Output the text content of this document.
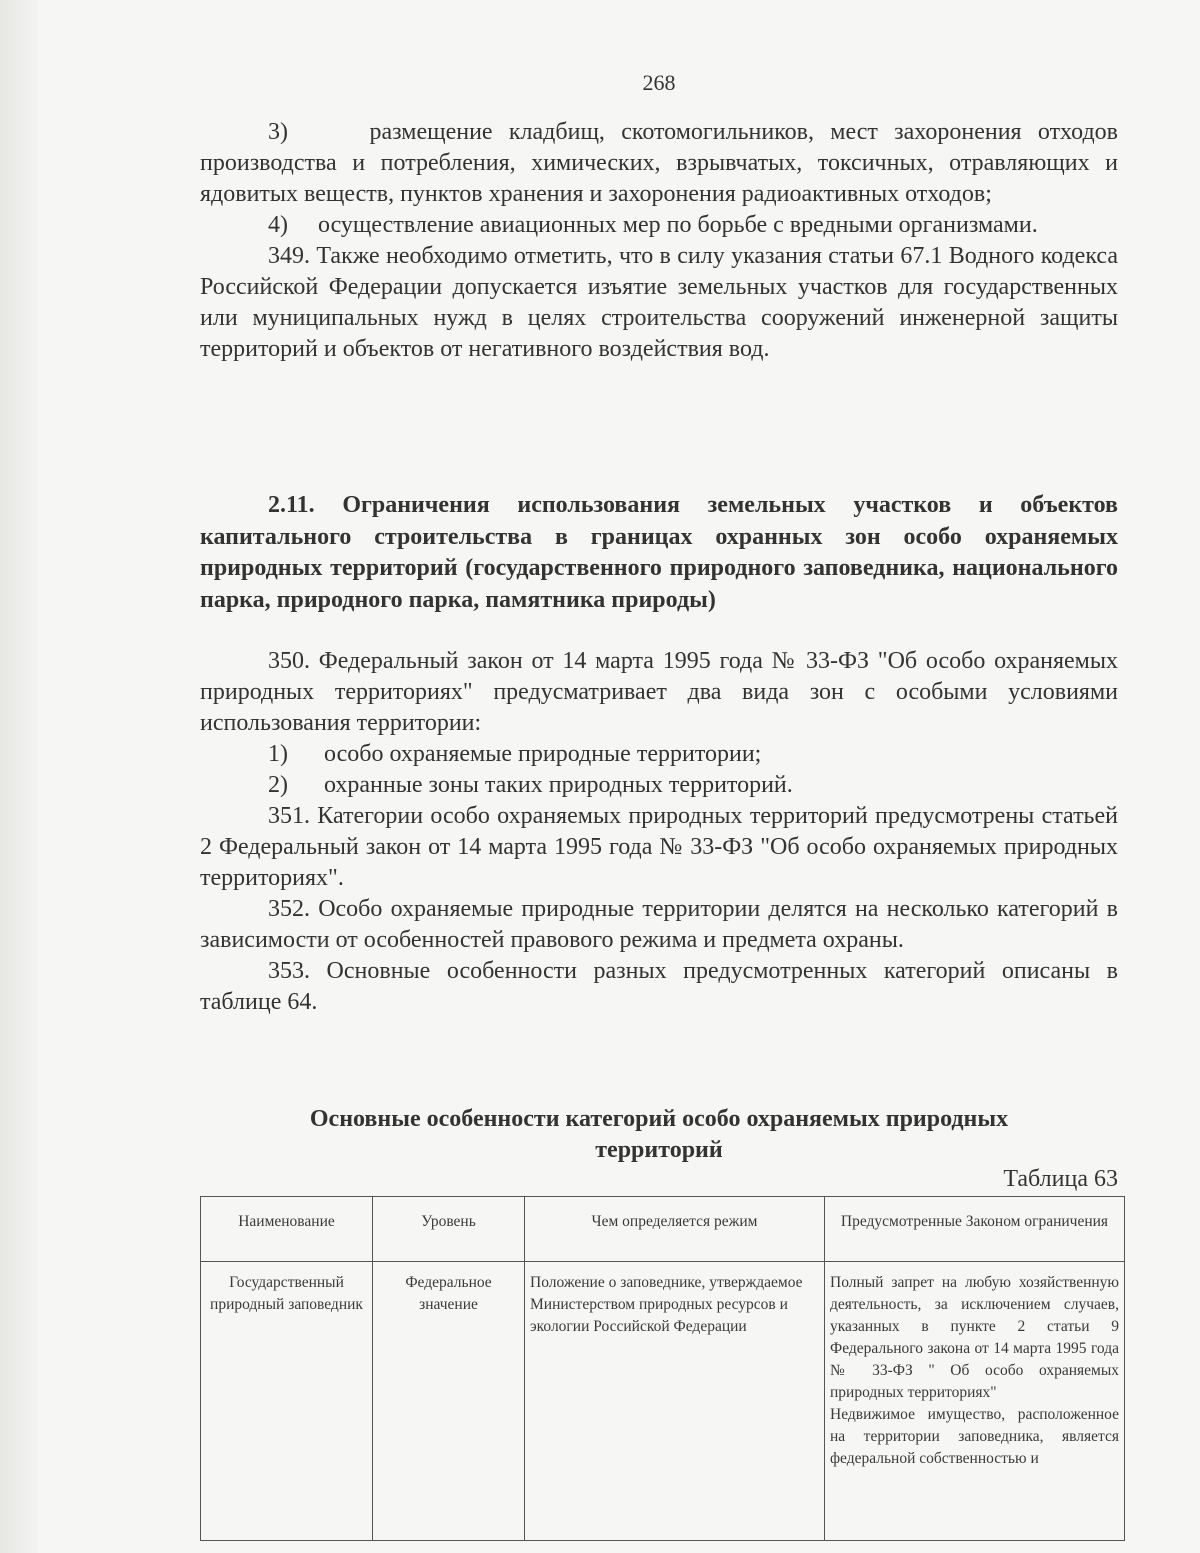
268

3)     размещение кладбищ, скотомогильников, мест захоронения отходов производства и потребления, химических, взрывчатых, токсичных, отравляющих и ядовитых веществ, пунктов хранения и захоронения радиоактивных отходов;

4)     осуществление авиационных мер по борьбе с вредными организмами.

349. Также необходимо отметить, что в силу указания статьи 67.1 Водного кодекса Российской Федерации допускается изъятие земельных участков для государственных или муниципальных нужд в целях строительства сооружений инженерной защиты территорий и объектов от негативного воздействия вод.

2.11. Ограничения использования земельных участков и объектов капитального строительства в границах охранных зон особо охраняемых природных территорий (государственного природного заповедника, национального парка, природного парка, памятника природы)

350. Федеральный закон от 14 марта 1995 года № 33-ФЗ "Об особо охраняемых природных территориях" предусматривает два вида зон с особыми условиями использования территории:

1)      особо охраняемые природные территории;

2)      охранные зоны таких природных территорий.

351. Категории особо охраняемых природных территорий предусмотрены статьей 2 Федеральный закон от 14 марта 1995 года № 33-ФЗ "Об особо охраняемых природных территориях".

352. Особо охраняемые природные территории делятся на несколько категорий в зависимости от особенностей правового режима и предмета охраны.

353. Основные особенности разных предусмотренных категорий описаны в таблице 64.

Основные особенности категорий особо охраняемых природных
территорий
Таблица 63
Наименование	Уровень	Чем определяется режим	Предусмотренные Законом ограничения
Государственный природный заповедник	Федеральное значение	Положение о заповеднике, утверждаемое Министерством природных ресурсов и экологии Российской Федерации	Полный запрет на любую хозяйственную деятельность, за исключением случаев, указанных в пункте 2 статьи 9 Федерального закона от 14 марта 1995 года № 33-ФЗ " Об особо охраняемых природных территориях"
Недвижимое имущество, расположенное на территории заповедника, является федеральной собственностью и
